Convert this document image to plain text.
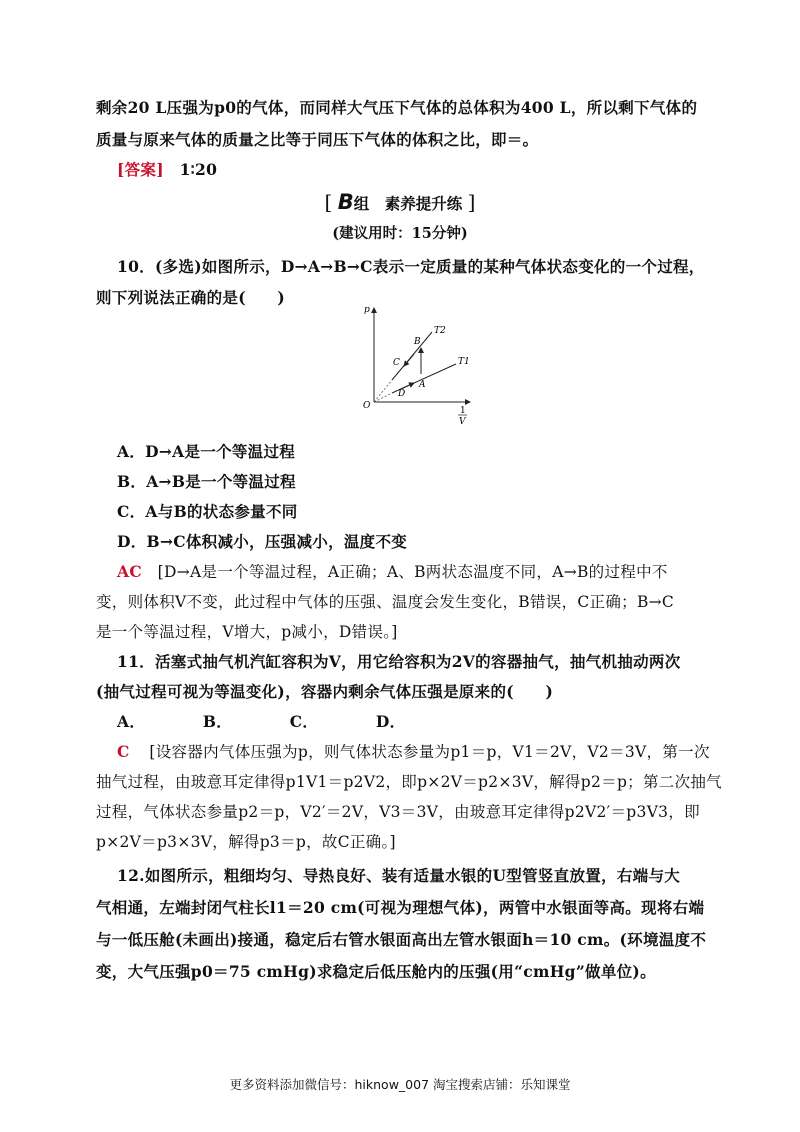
剩余20 L压强为p0的气体，而同样大气压下气体的总体积为400 L，所以剩下气体的
质量与原来气体的质量之比等于同压下气体的体积之比，即＝。
[答案] 1∶20
[ B组　素养提升练 ]
(建议用时：15分钟)
10．(多选)如图所示，D→A→B→C表示一定质量的某种气体状态变化的一个过程，
则下列说法正确的是(　　)
p
O
T2
T1
B
C
A
D
1
V
A．D→A是一个等温过程
B．A→B是一个等温过程
C．A与B的状态参量不同
D．B→C体积减小，压强减小，温度不变
AC [D→A是一个等温过程，A正确；A、B两状态温度不同，A→B的过程中不
变，则体积V不变，此过程中气体的压强、温度会发生变化，B错误，C正确；B→C
是一个等温过程，V增大，p减小，D错误。]
11．活塞式抽气机汽缸容积为V，用它给容积为2V的容器抽气，抽气机抽动两次
(抽气过程可视为等温变化)，容器内剩余气体压强是原来的(　　)
A．	B．	C．	D．
C [设容器内气体压强为p，则气体状态参量为p1＝p，V1＝2V，V2＝3V，第一次
抽气过程，由玻意耳定律得p1V1＝p2V2，即p×2V＝p2×3V，解得p2＝p；第二次抽气
过程，气体状态参量p2＝p，V2′＝2V，V3＝3V，由玻意耳定律得p2V2′＝p3V3，即
p×2V＝p3×3V，解得p3＝p，故C正确。]
12.如图所示，粗细均匀、导热良好、装有适量水银的U型管竖直放置，右端与大
气相通，左端封闭气柱长l1＝20 cm(可视为理想气体)，两管中水银面等高。现将右端
与一低压舱(未画出)接通，稳定后右管水银面高出左管水银面h＝10 cm。(环境温度不
变，大气压强p0＝75 cmHg)求稳定后低压舱内的压强(用“cmHg”做单位)。
更多资料添加微信号：hiknow_007 淘宝搜索店铺：乐知课堂
